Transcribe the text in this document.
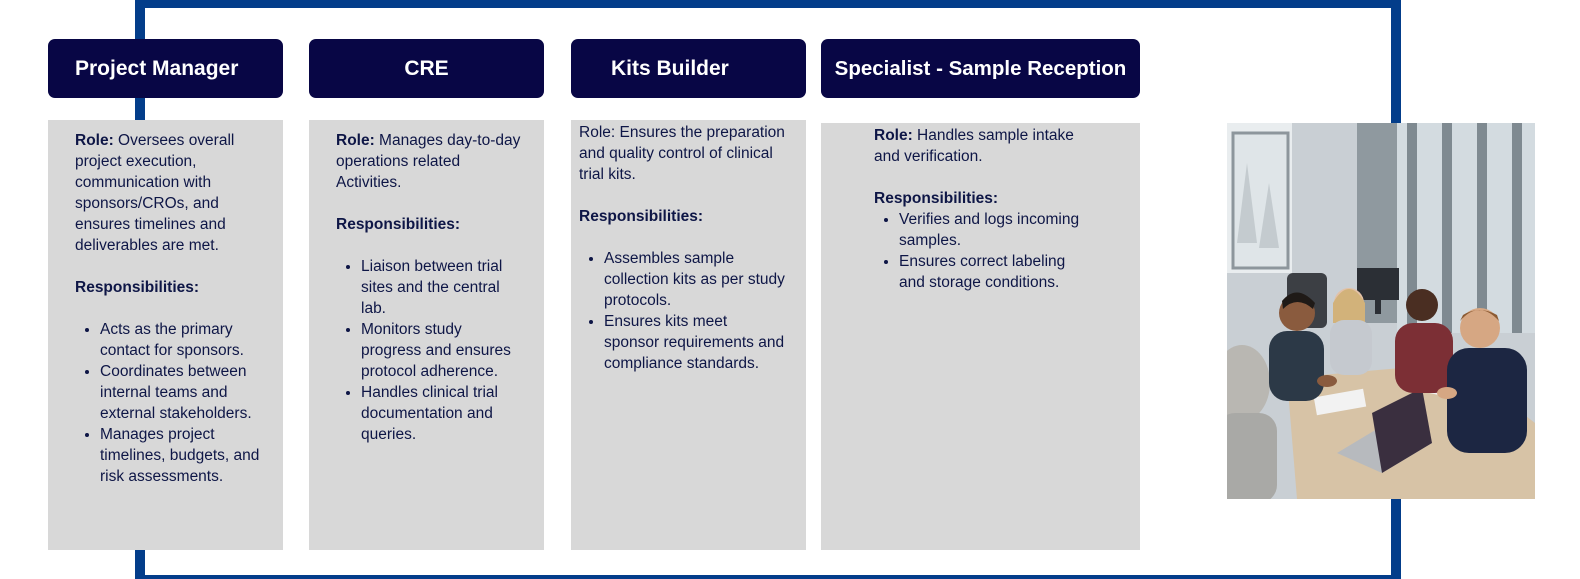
Project Manager	CRE	Kits Builder	Specialist - Sample Reception

Role: Oversees overall project execution, communication with sponsors/CROs, and ensures timelines and deliverables are met.

Responsibilities:

• Acts as the primary contact for sponsors.
• Coordinates between internal teams and external stakeholders.
• Manages project timelines, budgets, and risk assessments.

Role: Manages day-to-day operations related Activities.

Responsibilities:

• Liaison between trial sites and the central lab.
• Monitors study progress and ensures protocol adherence.
• Handles clinical trial documentation and queries.

Role: Ensures the preparation and quality control of clinical trial kits.

Responsibilities:

• Assembles sample collection kits as per study protocols.
• Ensures kits meet sponsor requirements and compliance standards.

Role: Handles sample intake and verification.

Responsibilities:

• Verifies and logs incoming samples.
• Ensures correct labeling and storage conditions.
